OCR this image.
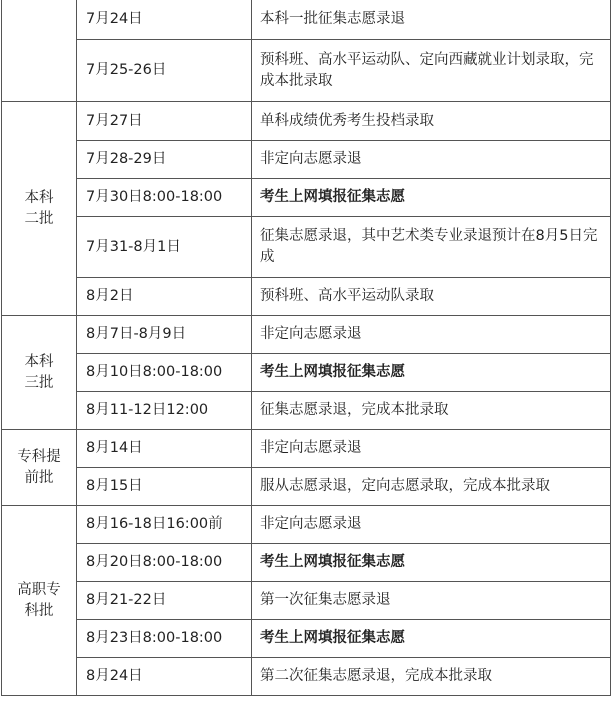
	7月24日	本科一批征集志愿录退
	7月25-26日	预科班、高水平运动队、定向西藏就业计划录取，完成本批录取
本科
二批	7月27日	单科成绩优秀考生投档录取
	7月28-29日	非定向志愿录退
	7月30日8:00-18:00	考生上网填报征集志愿
	7月31-8月1日	征集志愿录退，其中艺术类专业录退预计在8月5日完成
	8月2日	预科班、高水平运动队录取
本科
三批	8月7日-8月9日	非定向志愿录退
	8月10日8:00-18:00	考生上网填报征集志愿
	8月11-12日12:00	征集志愿录退，完成本批录取
专科提
前批	8月14日	非定向志愿录退
	8月15日	服从志愿录退，定向志愿录取，完成本批录取
高职专
科批	8月16-18日16:00前	非定向志愿录退
	8月20日8:00-18:00	考生上网填报征集志愿
	8月21-22日	第一次征集志愿录退
	8月23日8:00-18:00	考生上网填报征集志愿
	8月24日	第二次征集志愿录退，完成本批录取
